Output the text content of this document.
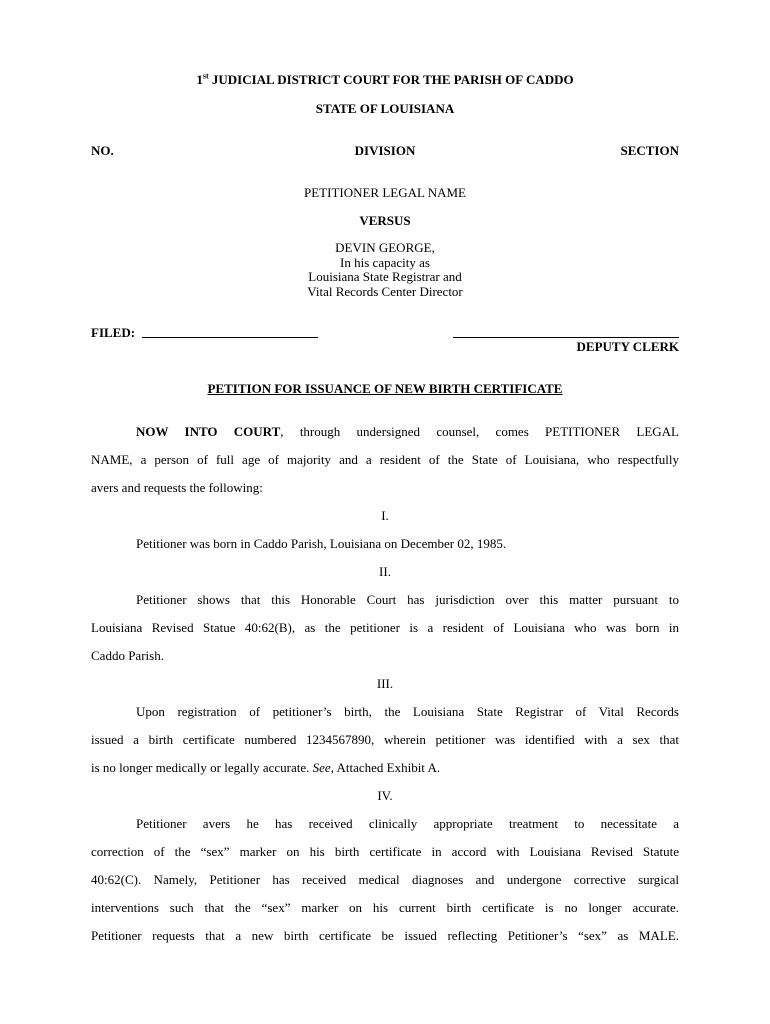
1st JUDICIAL DISTRICT COURT FOR THE PARISH OF CADDO
STATE OF LOUISIANA
NO.	DIVISION	SECTION
PETITIONER LEGAL NAME
VERSUS
DEVIN GEORGE,
In his capacity as
Louisiana State Registrar and
Vital Records Center Director
FILED:
DEPUTY CLERK
PETITION FOR ISSUANCE OF NEW BIRTH CERTIFICATE
NOW INTO COURT, through undersigned counsel, comes PETITIONER LEGAL
NAME, a person of full age of majority and a resident of the State of Louisiana, who respectfully
avers and requests the following:
I.
Petitioner was born in Caddo Parish, Louisiana on December 02, 1985.
II.
Petitioner shows that this Honorable Court has jurisdiction over this matter pursuant to
Louisiana Revised Statue 40:62(B), as the petitioner is a resident of Louisiana who was born in
Caddo Parish.
III.
Upon registration of petitioner’s birth, the Louisiana State Registrar of Vital Records
issued a birth certificate numbered 1234567890, wherein petitioner was identified with a sex that
is no longer medically or legally accurate. See, Attached Exhibit A.
IV.
Petitioner avers he has received clinically appropriate treatment to necessitate a
correction of the “sex” marker on his birth certificate in accord with Louisiana Revised Statute
40:62(C). Namely, Petitioner has received medical diagnoses and undergone corrective surgical
interventions such that the “sex” marker on his current birth certificate is no longer accurate.
Petitioner requests that a new birth certificate be issued reflecting Petitioner’s “sex” as MALE.
